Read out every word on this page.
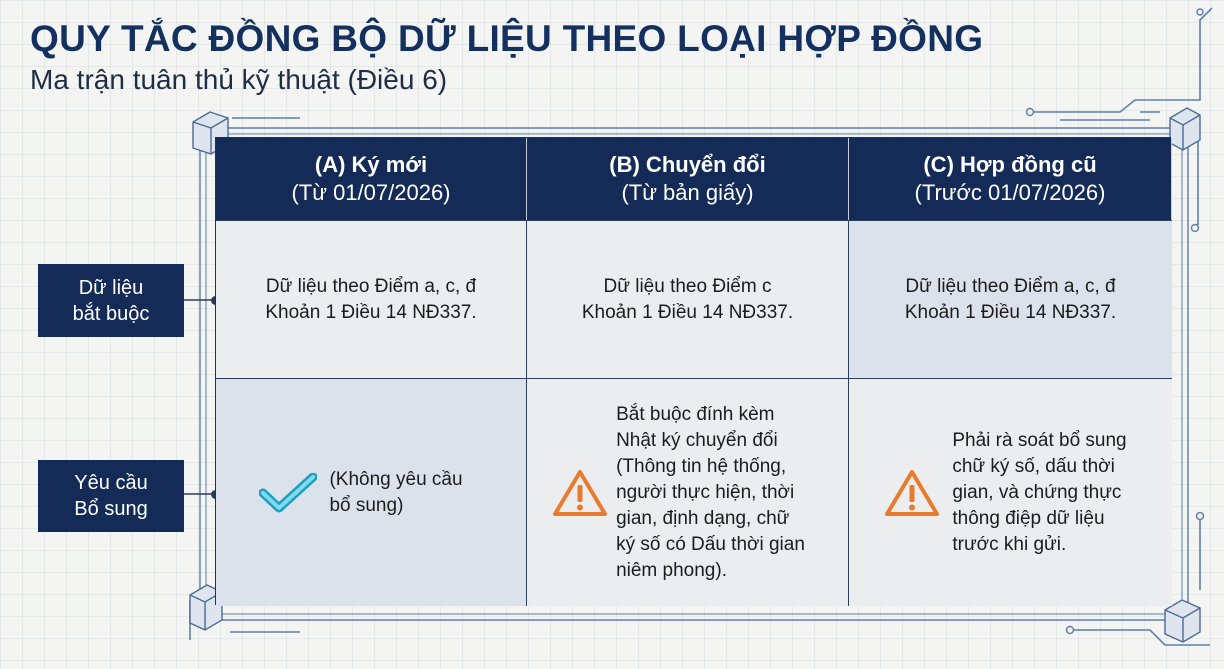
QUY TẮC ĐỒNG BỘ DỮ LIỆU THEO LOẠI HỢP ĐỒNG

Ma trận tuân thủ kỹ thuật (Điều 6)

Dữ liệu
bắt buộc
Yêu cầu
Bổ sung
(A) Ký mới
(Từ 01/07/2026)
(B) Chuyển đổi
(Từ bản giấy)
(C) Hợp đồng cũ
(Trước 01/07/2026)
Dữ liệu theo Điểm a, c, đ
Khoản 1 Điều 14 NĐ337.
Dữ liệu theo Điểm c
Khoản 1 Điều 14 NĐ337.
Dữ liệu theo Điểm a, c, đ
Khoản 1 Điều 14 NĐ337.
(Không yêu cầu
bổ sung)
Bắt buộc đính kèm
Nhật ký chuyển đổi
(Thông tin hệ thống,
người thực hiện, thời
gian, định dạng, chữ
ký số có Dấu thời gian
niêm phong).
Phải rà soát bổ sung
chữ ký số, dấu thời
gian, và chứng thực
thông điệp dữ liệu
trước khi gửi.
